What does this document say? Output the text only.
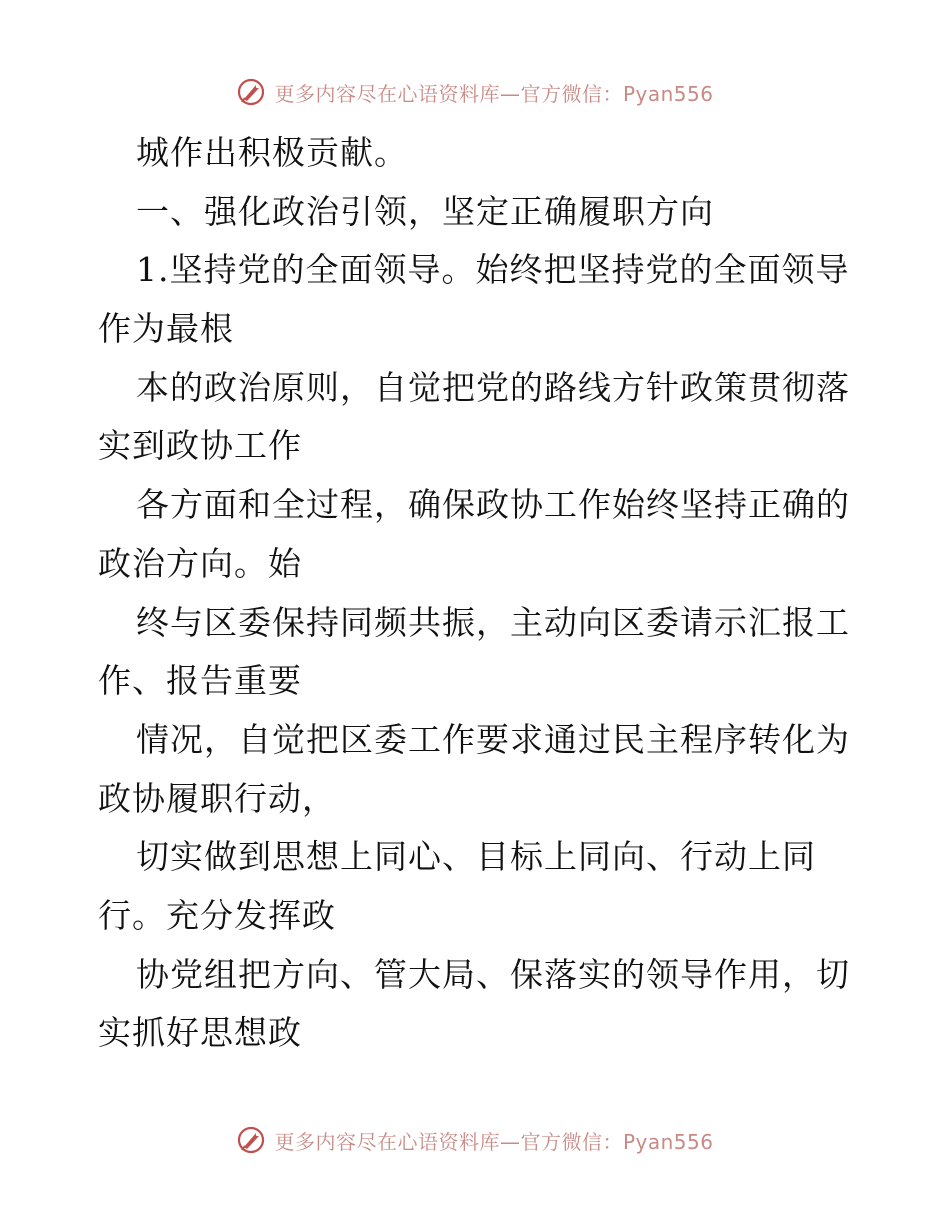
更多内容尽在心语资料库—官方微信：Pyan556
城作出积极贡献。
一、强化政治引领，坚定正确履职方向
1.坚持党的全面领导。始终把坚持党的全面领导
作为最根
本的政治原则，自觉把党的路线方针政策贯彻落
实到政协工作
各方面和全过程，确保政协工作始终坚持正确的
政治方向。始
终与区委保持同频共振，主动向区委请示汇报工
作、报告重要
情况，自觉把区委工作要求通过民主程序转化为
政协履职行动，
切实做到思想上同心、目标上同向、行动上同
行。充分发挥政
协党组把方向、管大局、保落实的领导作用，切
实抓好思想政
更多内容尽在心语资料库—官方微信：Pyan556
